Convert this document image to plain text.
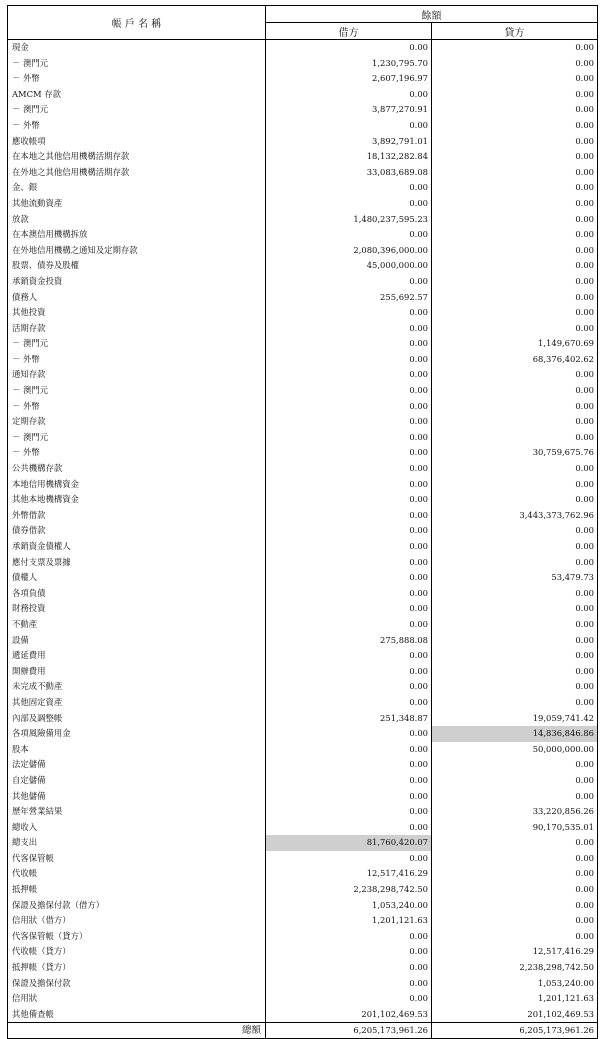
帳 戶 名 稱	餘額	
	借方	貸方
現金	0.00	0.00
－ 澳門元	1,230,795.70	0.00
－ 外幣	2,607,196.97	0.00
AMCM 存款	0.00	0.00
－ 澳門元	3,877,270.91	0.00
－ 外幣	0.00	0.00
應收帳項	3,892,791.01	0.00
在本地之其他信用機構活期存款	18,132,282.84	0.00
在外地之其他信用機構活期存款	33,083,689.08	0.00
金、銀	0.00	0.00
其他流動資產	0.00	0.00
放款	1,480,237,595.23	0.00
在本澳信用機構拆放	0.00	0.00
在外地信用機構之通知及定期存款	2,080,396,000.00	0.00
股票、債券及股權	45,000,000.00	0.00
承銷資金投資	0.00	0.00
債務人	255,692.57	0.00
其他投資	0.00	0.00
活期存款	0.00	0.00
－ 澳門元	0.00	1,149,670.69
－ 外幣	0.00	68,376,402.62
通知存款	0.00	0.00
－ 澳門元	0.00	0.00
－ 外幣	0.00	0.00
定期存款	0.00	0.00
－ 澳門元	0.00	0.00
－ 外幣	0.00	30,759,675.76
公共機構存款	0.00	0.00
本地信用機構資金	0.00	0.00
其他本地機構資金	0.00	0.00
外幣借款	0.00	3,443,373,762.96
債券借款	0.00	0.00
承銷資金債權人	0.00	0.00
應付支票及票據	0.00	0.00
債權人	0.00	53,479.73
各項負債	0.00	0.00
財務投資	0.00	0.00
不動產	0.00	0.00
設備	275,888.08	0.00
遞延費用	0.00	0.00
開辦費用	0.00	0.00
未完成不動產	0.00	0.00
其他固定資產	0.00	0.00
內部及調整帳	251,348.87	19,059,741.42
各項風險備用金	0.00	14,836,846.86
股本	0.00	50,000,000.00
法定儲備	0.00	0.00
自定儲備	0.00	0.00
其他儲備	0.00	0.00
歷年營業結果	0.00	33,220,856.26
總收入	0.00	90,170,535.01
總支出	81,760,420.07	0.00
代客保管帳	0.00	0.00
代收帳	12,517,416.29	0.00
抵押帳	2,238,298,742.50	0.00
保證及擔保付款（借方）	1,053,240.00	0.00
信用狀（借方）	1,201,121.63	0.00
代客保管帳（貸方）	0.00	0.00
代收帳（貸方）	0.00	12,517,416.29
抵押帳（貸方）	0.00	2,238,298,742.50
保證及擔保付款	0.00	1,053,240.00
信用狀	0.00	1,201,121.63
其他備查帳	201,102,469.53	201,102,469.53
總額	6,205,173,961.26	6,205,173,961.26
